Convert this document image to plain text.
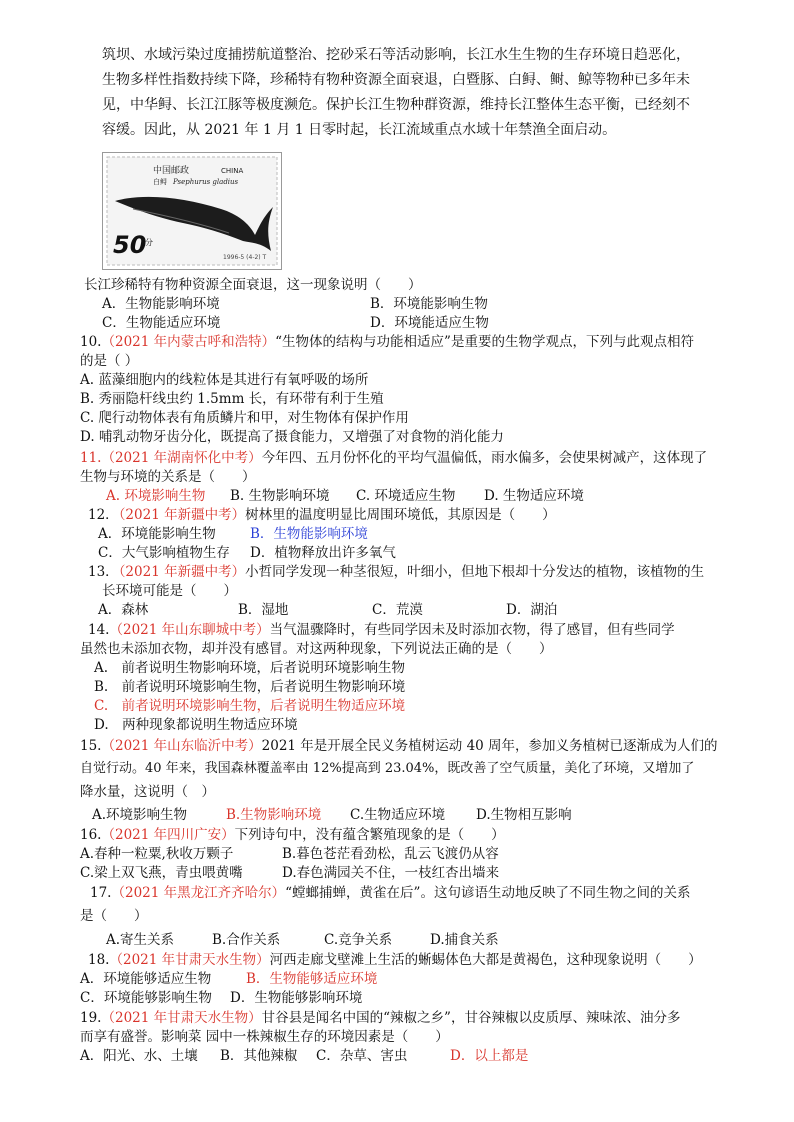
筑坝、水域污染过度捕捞航道整治、挖砂采石等活动影响，长江水生生物的生存环境日趋恶化，
生物多样性指数持续下降，珍稀特有物种资源全面衰退，白暨豚、白鲟、鲥、鲸等物种已多年未
见，中华鲟、长江江豚等极度濒危。保护长江生物种群资源，维持长江整体生态平衡，已经刻不
容缓。因此，从 2021 年 1 月 1 日零时起，长江流域重点水域十年禁渔全面启动。
中国邮政	CHINA
白鲟 Psephurus gladius
50
分
1996-5 (4-2) T
长江珍稀特有物种资源全面衰退，这一现象说明（　　）
A．生物能影响环境	B．环境能影响生物
C．生物能适应环境	D．环境能适应生物
10.（2021 年内蒙古呼和浩特）“生物体的结构与功能相适应”是重要的生物学观点，下列与此观点相符
的是（ ）
A. 蓝藻细胞内的线粒体是其进行有氧呼吸的场所
B. 秀丽隐杆线虫约 1.5mm 长，有环带有利于生殖
C. 爬行动物体表有角质鳞片和甲，对生物体有保护作用
D. 哺乳动物牙齿分化，既提高了摄食能力，又增强了对食物的消化能力
11.（2021 年湖南怀化中考）今年四、五月份怀化的平均气温偏低，雨水偏多，会使果树减产，这体现了
生物与环境的关系是（　　）
A. 环境影响生物 B. 生物影响环境 C. 环境适应生物 D. 生物适应环境
12．（2021 年新疆中考）树林里的温度明显比周围环境低，其原因是（　　）
A．环境能影响生物	B．生物能影响环境
C．大气影响植物生存 D．植物释放出许多氧气
13．（2021 年新疆中考）小哲同学发现一种茎很短，叶细小，但地下根却十分发达的植物，该植物的生
长环境可能是（　　）
A．森林	B．湿地	C．荒漠	D．湖泊
14.（2021 年山东聊城中考）当气温骤降时，有些同学因未及时添加衣物，得了感冒，但有些同学
虽然也未添加衣物，却并没有感冒。对这两种现象，下列说法正确的是（　　）
A.　前者说明生物影响环境，后者说明环境影响生物
B.　前者说明环境影响生物，后者说明生物影响环境
C.　前者说明环境影响生物，后者说明生物适应环境
D.　两种现象都说明生物适应环境
15.（2021 年山东临沂中考）2021 年是开展全民义务植树运动 40 周年，参加义务植树已逐渐成为人们的
自觉行动。40 年来，我国森林覆盖率由 12%提高到 23.04%，既改善了空气质量，美化了环境，又增加了
降水量，这说明（　）
A.环境影响生物	B.生物影响环境 C.生物适应环境 D.生物相互影响
16.（2021 年四川广安）下列诗句中，没有蕴含繁殖现象的是（　　）
A.春种一粒粟,秋收万颗子	B.暮色苍茫看劲松，乱云飞渡仍从容
C.梁上双飞燕，青虫喂黄嘴	D.春色满园关不住，一枝红杏出墙来
17.（2021 年黑龙江齐齐哈尔）“螳螂捕蝉，黄雀在后”。这句谚语生动地反映了不同生物之间的关系
是（　　）
A.寄生关系	B.合作关系	C.竞争关系	D.捕食关系
18.（2021 年甘肃天水生物）河西走廊戈壁滩上生活的蜥蜴体色大都是黄褐色，这种现象说明（　　）
A．环境能够适应生物	B．生物能够适应环境
C．环境能够影响生物 D．生物能够影响环境
19.（2021 年甘肃天水生物）甘谷县是闻名中国的“辣椒之乡”，甘谷辣椒以皮质厚、辣味浓、油分多
而享有盛誉。影响菜 园中一株辣椒生存的环境因素是（　　）
A．阳光、水、土壤 B．其他辣椒 C．杂草、害虫	D．以上都是
